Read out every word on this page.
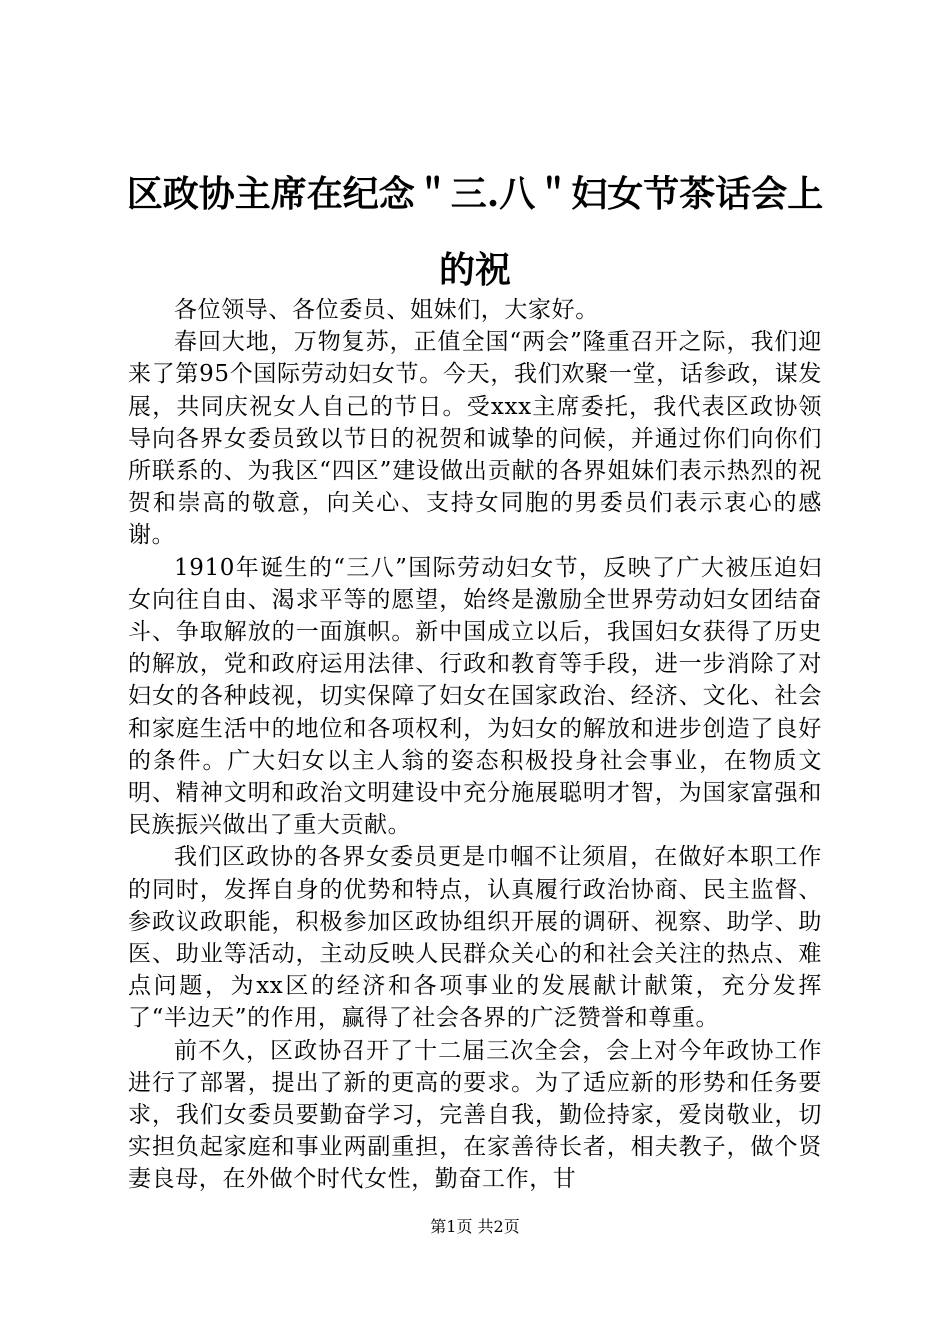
区政协主席在纪念＂三.八＂妇女节茶话会上的祝

各位领导、各位委员、姐妹们，大家好。

春回大地，万物复苏，正值全国“两会”隆重召开之际，我们迎来了第95个国际劳动妇女节。今天，我们欢聚一堂，话参政，谋发展，共同庆祝女人自己的节日。受xxx主席委托，我代表区政协领导向各界女委员致以节日的祝贺和诚挚的问候，并通过你们向你们所联系的、为我区“四区”建设做出贡献的各界姐妹们表示热烈的祝贺和崇高的敬意，向关心、支持女同胞的男委员们表示衷心的感谢。

1910年诞生的“三八”国际劳动妇女节，反映了广大被压迫妇女向往自由、渴求平等的愿望，始终是激励全世界劳动妇女团结奋斗、争取解放的一面旗帜。新中国成立以后，我国妇女获得了历史的解放，党和政府运用法律、行政和教育等手段，进一步消除了对妇女的各种歧视，切实保障了妇女在国家政治、经济、文化、社会和家庭生活中的地位和各项权利，为妇女的解放和进步创造了良好的条件。广大妇女以主人翁的姿态积极投身社会事业，在物质文明、精神文明和政治文明建设中充分施展聪明才智，为国家富强和民族振兴做出了重大贡献。

我们区政协的各界女委员更是巾帼不让须眉，在做好本职工作的同时，发挥自身的优势和特点，认真履行政治协商、民主监督、参政议政职能，积极参加区政协组织开展的调研、视察、助学、助医、助业等活动，主动反映人民群众关心的和社会关注的热点、难点问题，为xx区的经济和各项事业的发展献计献策，充分发挥了“半边天”的作用，赢得了社会各界的广泛赞誉和尊重。

前不久，区政协召开了十二届三次全会，会上对今年政协工作进行了部署，提出了新的更高的要求。为了适应新的形势和任务要求，我们女委员要勤奋学习，完善自我，勤俭持家，爱岗敬业，切实担负起家庭和事业两副重担，在家善待长者，相夫教子，做个贤妻良母，在外做个时代女性，勤奋工作，甘

第1页 共2页
